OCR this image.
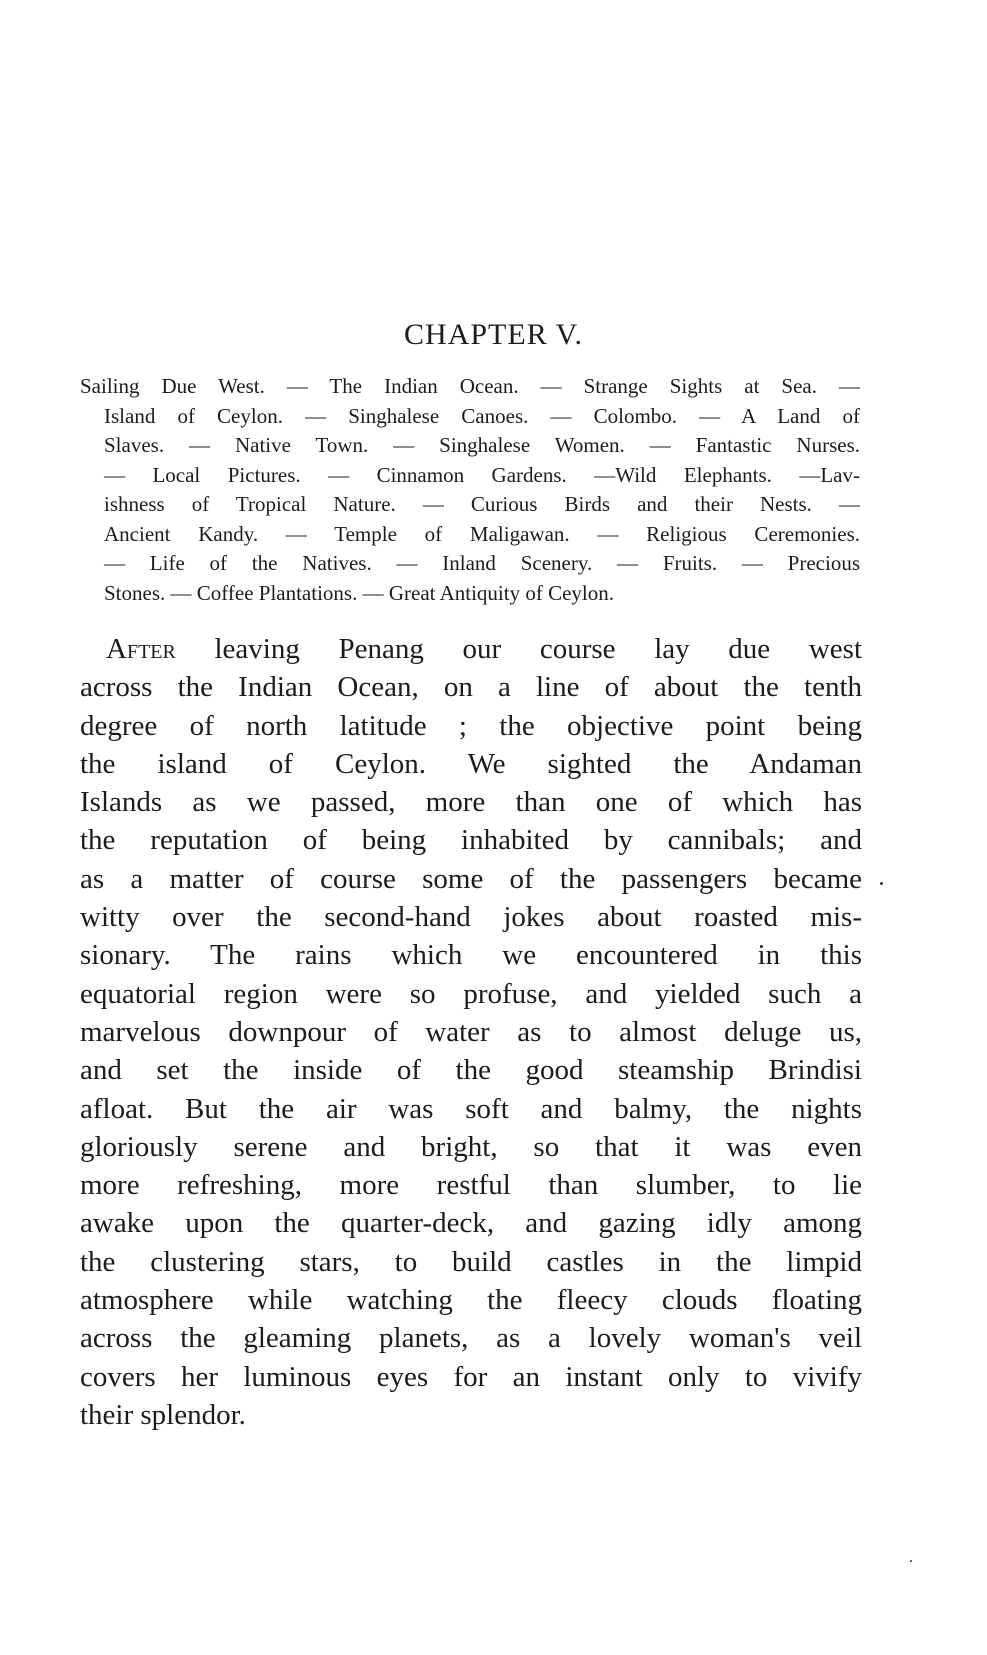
CHAPTER V.
Sailing Due West. — The Indian Ocean. — Strange Sights at Sea. —
Island of Ceylon. — Singhalese Canoes. — Colombo. — A Land of
Slaves. — Native Town. — Singhalese Women. — Fantastic Nurses.
— Local Pictures. — Cinnamon Gardens. —Wild Elephants. —Lav-
ishness of Tropical Nature. — Curious Birds and their Nests. —
Ancient Kandy. — Temple of Maligawan. — Religious Ceremonies.
— Life of the Natives. — Inland Scenery. — Fruits. — Precious
Stones. — Coffee Plantations. — Great Antiquity of Ceylon.
After leaving Penang our course lay due west
across the Indian Ocean, on a line of about the tenth
degree of north latitude ; the objective point being
the island of Ceylon. We sighted the Andaman
Islands as we passed, more than one of which has
the reputation of being inhabited by cannibals; and
as a matter of course some of the passengers became
witty over the second-hand jokes about roasted mis-
sionary. The rains which we encountered in this
equatorial region were so profuse, and yielded such a
marvelous downpour of water as to almost deluge us,
and set the inside of the good steamship Brindisi
afloat. But the air was soft and balmy, the nights
gloriously serene and bright, so that it was even
more refreshing, more restful than slumber, to lie
awake upon the quarter-deck, and gazing idly among
the clustering stars, to build castles in the limpid
atmosphere while watching the fleecy clouds floating
across the gleaming planets, as a lovely woman's veil
covers her luminous eyes for an instant only to vivify
their splendor.
